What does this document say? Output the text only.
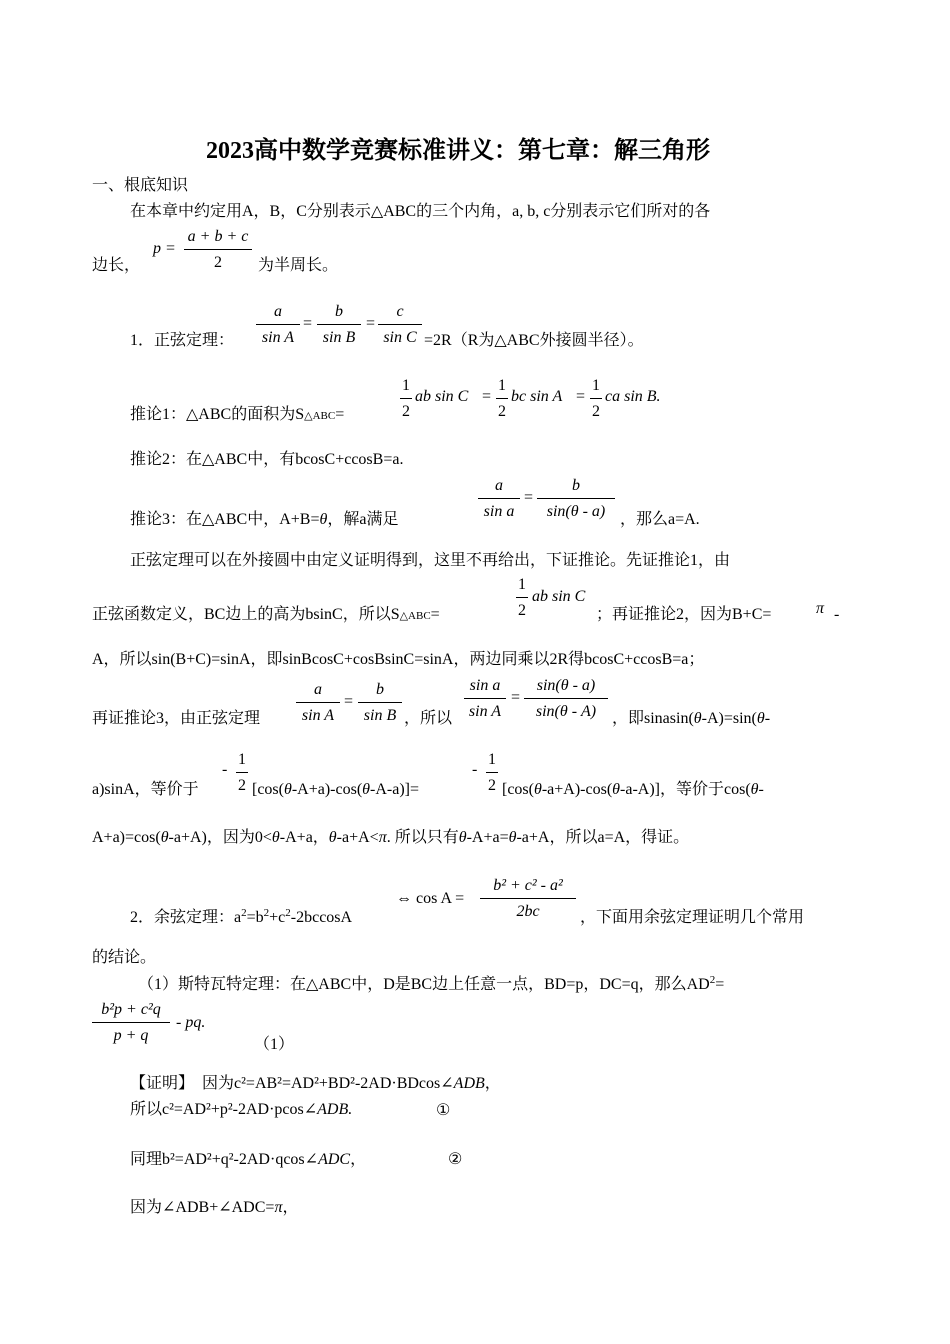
2023高中数学竞赛标准讲义：第七章：解三角形
一、根底知识
在本章中约定用A，B，C分别表示△ABC的三个内角，a, b, c分别表示它们所对的各
p =
a + b + c
2
边长，	为半周长。
a
sin A
=
b
sin B
=
c
sin C
1．正弦定理：	=2R（R为△ABC外接圆半径）。
推论1：△ABC的面积为S△ABC=
1
2
ab sin C =
1
2
bc sin A =
1
2
ca sin B.
推论2：在△ABC中，有bcosC+ccosB=a.
推论3：在△ABC中，A+B=θ，解a满足
a
sin a
=
b
sin(θ - a) ，那么a=A.
正弦定理可以在外接圆中由定义证明得到，这里不再给出，下证推论。先证推论1，由
正弦函数定义，BC边上的高为bsinC，所以S△ABC=
1
2
ab sin C
；再证推论2，因为B+C=	π -
A，所以sin(B+C)=sinA，即sinBcosC+cosBsinC=sinA，两边同乘以2R得bcosC+ccosB=a；
再证推论3，由正弦定理
a
sin A
=
b
sin B ，所以
sin a
sin A
=
sin(θ - a)
sin(θ - A) ，即sinasin(θ-A)=sin(θ-
a)sinA，等价于
-
1
2 [cos(θ-A+a)-cos(θ-A-a)]=
-
1
2 [cos(θ-a+A)-cos(θ-a-A)]，等价于cos(θ-
A+a)=cos(θ-a+A)，因为0<θ-A+a，θ-a+A<π. 所以只有θ-A+a=θ-a+A，所以a=A，得证。
2．余弦定理：$a^2=b^2+c^2-2bccosA$
⇔ cos A =
b² + c² - a²
2bc	，下面用余弦定理证明几个常用
的结论。
（1）斯特瓦特定理：在△ABC中，D是BC边上任意一点，BD=p，DC=q，那么$AD^2=$
b²p + c²q
p + q
- pq.
（1）
【证明】 因为c²=AB²=AD²+BD²-2AD·BDcos∠ADB，
所以c²=AD²+p²-2AD·pcos∠ADB.	①
同理b²=AD²+q²-2AD·qcos∠ADC，	②
因为∠ADB+∠ADC=π，
